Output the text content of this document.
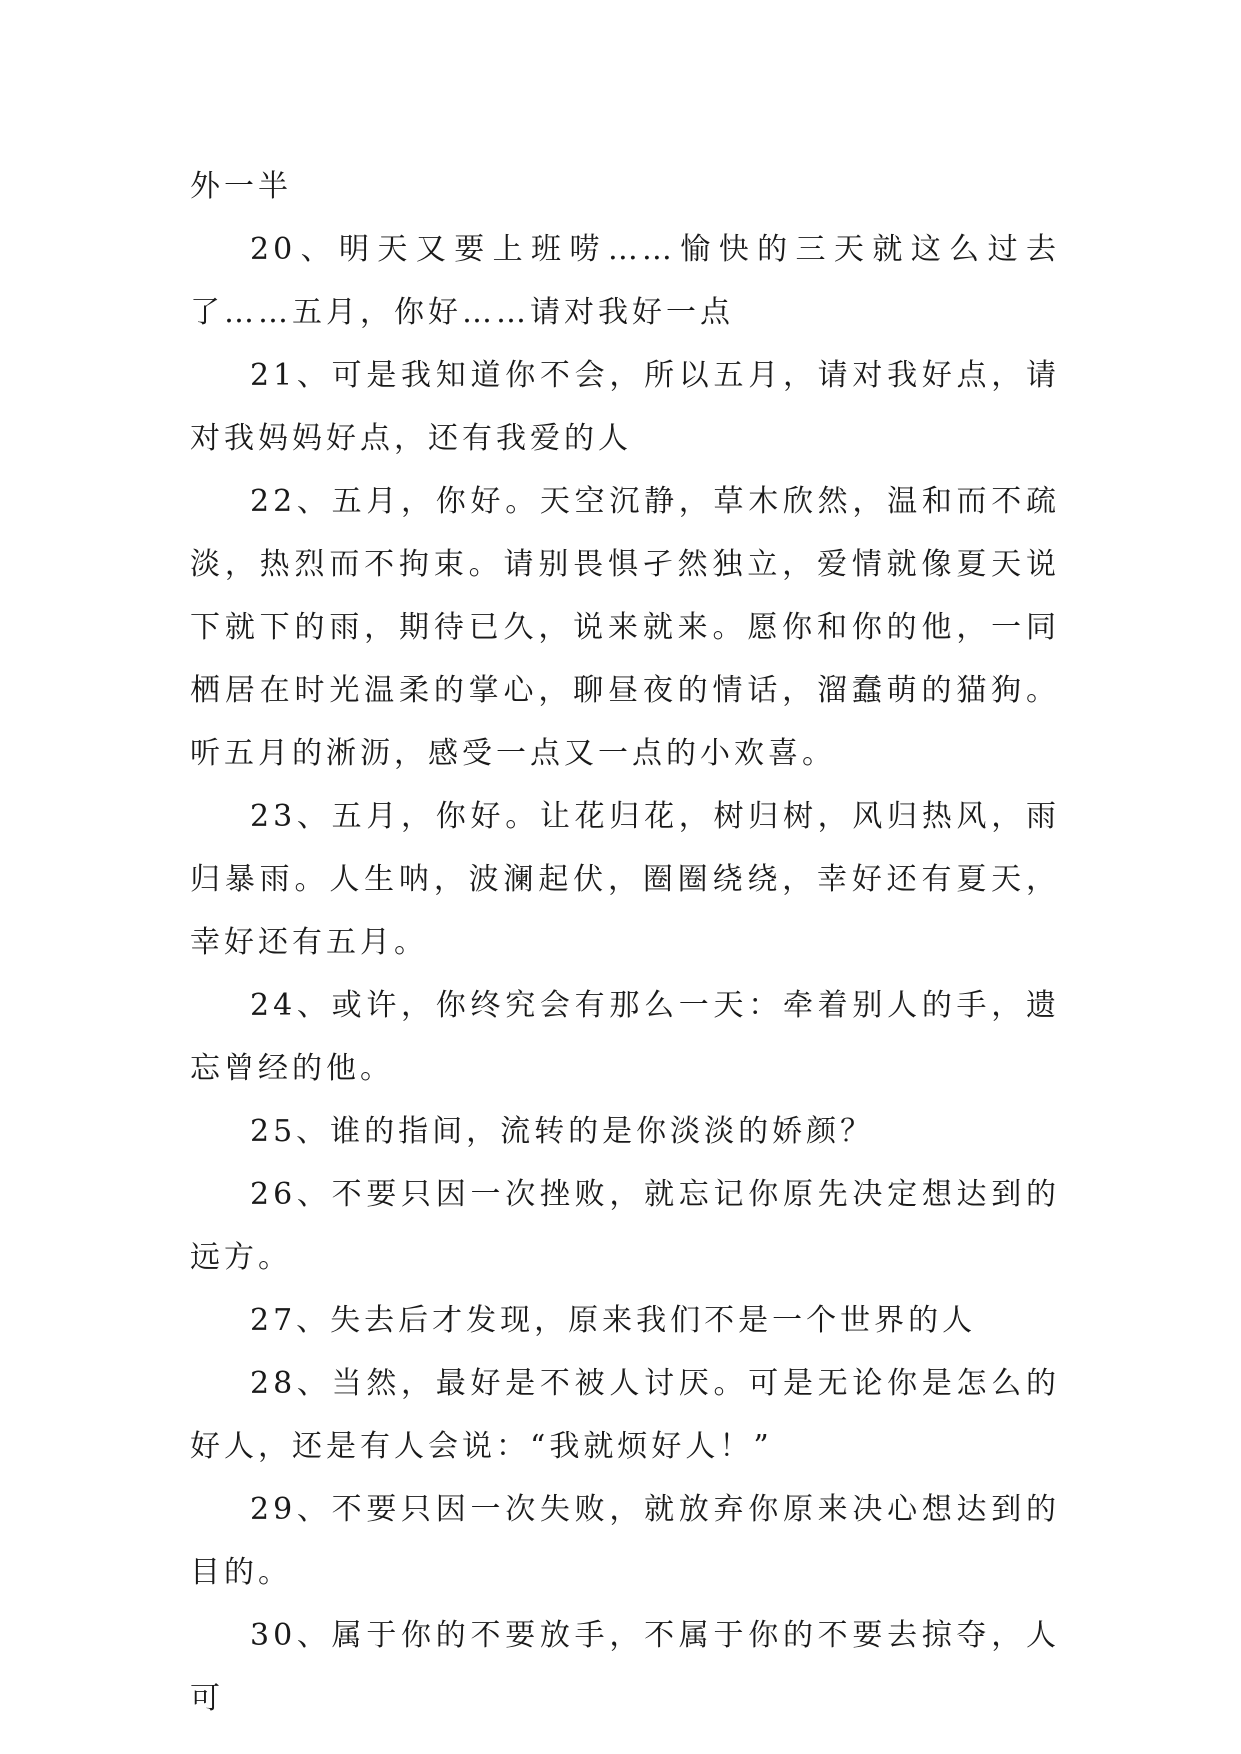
外一半

20、明天又要上班唠……愉快的三天就这么过去了……五月，你好……请对我好一点

21、可是我知道你不会，所以五月，请对我好点，请对我妈妈好点，还有我爱的人

22、五月，你好。天空沉静，草木欣然，温和而不疏淡，热烈而不拘束。请别畏惧孑然独立，爱情就像夏天说下就下的雨，期待已久，说来就来。愿你和你的他，一同栖居在时光温柔的掌心，聊昼夜的情话，溜蠢萌的猫狗。听五月的淅沥，感受一点又一点的小欢喜。

23、五月，你好。让花归花，树归树，风归热风，雨归暴雨。人生呐，波澜起伏，圈圈绕绕，幸好还有夏天，幸好还有五月。

24、或许，你终究会有那么一天：牵着别人的手，遗忘曾经的他。

25、谁的指间，流转的是你淡淡的娇颜？

26、不要只因一次挫败，就忘记你原先决定想达到的远方。

27、失去后才发现，原来我们不是一个世界的人

28、当然，最好是不被人讨厌。可是无论你是怎么的好人，还是有人会说：“我就烦好人！”

29、不要只因一次失败，就放弃你原来决心想达到的目的。

30、属于你的不要放手，不属于你的不要去掠夺，人可
